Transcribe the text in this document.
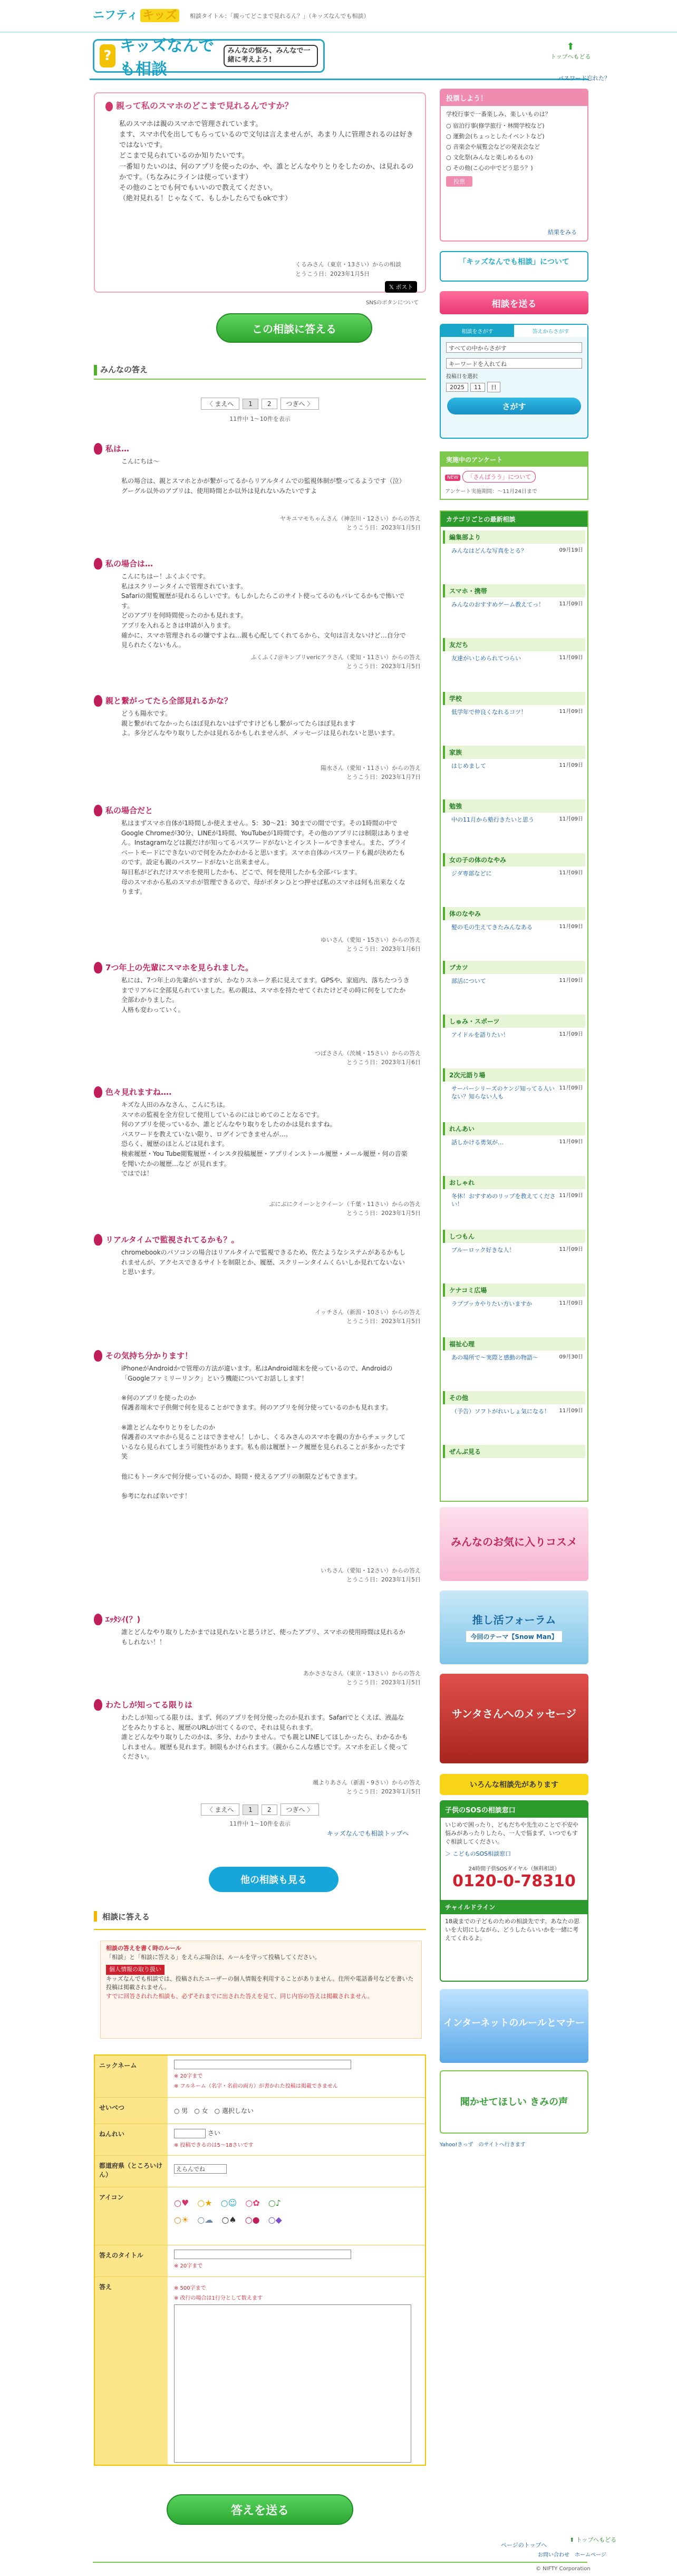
ニフティ キッズ	相談タイトル：「親ってどこまで見れるん？」（キッズなんでも相談）
?
キッズなんでも相談
みんなの悩み、みんなで一緒に考えよう!
⬆
トップへもどる
パスワード忘れた？
親って私のスマホのどこまで見れるんですか？

私のスマホは親のスマホで管理されています。

ます、スマホ代を出してもらっているので文句は言えませんが、あまり人に管理されるのは好きではないです。

どこまで見られているのか知りたいです。

一番知りたいのは、何のアプリを使ったのか、や、誰とどんなやりとりをしたのか、は見れるのかです。（ちなみにラインは使っています）

その他のことでも何でもいいので教えてください。

（絶対見れる！じゃなくて、もしかしたらでもokです）

くるみさん（東京・13さい）からの相談
とうこう日：2023年1月5日
𝕏 ポスト
SNSのボタンについて
この相談に答える
みんなの答え
〈 まえへ 1 2 つぎへ 〉
11件中 1～10件を表示
私は…
こんにちは〜

私の場合は、親とスマホとかが繋がってるからリアルタイムでの監視体制が整ってるようです（泣）
グーグル以外のアプリは、使用時間とか以外は見れないみたいですよ
ヤキユマモちゃんさん（神奈川・12さい）からの答え
とうこう日：2023年1月5日
私の場合は…
こんにちはー！ふくふくです。
私はスクリーンタイムで管理されています。
Safariの閲覧履歴が見れるらしいです。もしかしたらこのサイト使ってるのもバレてるかもで怖いです。
どのアプリを何時間使ったのかも見れます。
アプリを入れるときは申請が入ります。
確かに、スマホ管理されるの嫌ですよね…親も心配してくれてるから、文句は言えないけど…自分で見られたくないもん。
ふくふく♪＠キンプリvericアラさん（愛知・11さい）からの答え
とうこう日：2023年1月5日
親と繋がってたら全部見れるかな？
どうも陽水です。
親と繋がれてなかったらほぼ見れないはずですけどもし繋がってたらほぼ見れます
よ。多分どんなやり取りしたかは見れるかもしれませんが、メッセージは見られないと思います。
陽水さん（愛知・11さい）からの答え
とうこう日：2023年1月7日
私の場合だと
私はまずスマホ自体が1時間しか使えません。5：30〜21：30までの間でです。その1時間の中でGoogle Chromeが30分、LINEが1時間、YouTubeが1時間です。その他のアプリには制限はありません。Instagramなどは親だけが知ってるパスワードがないとインストールできません。また、プライベートモードにできないので何をみたかわかると思います。スマホ自体のパスワードも親が決めたものです。設定も親のパスワードがないと出来ません。
毎日私がどれだけスマホを使用したかも、どこで、何を使用したかも全部バレます。
母のスマホから私のスマホが管理できるので、母がボタンひとつ押せば私のスマホは何も出来なくなります。
ゆいさん（愛知・15さい）からの答え
とうこう日：2023年1月6日
7つ年上の先輩にスマホを見られました。
私には、7つ年上の先輩がいますが、かなりスネーク系に見えてます。GPSや、家庭内、落ちたつうきまでリアルに全部見られていました。私の親は、スマホを持たせてくれたけどその時に何をしてたか全部わかりました。
人格も変わっていく。
つばささん（茨城・15さい）からの答え
とうこう日：2023年1月6日
色々見れますね….
キズな人田のみなさん、こんにちは。
スマホの監視を全方位して使用しているのにはじめてのことなるです。
何のアプリを使っているか、誰とどんなやり取りをしたのかは見れますね。
パスワードを教えていない限り、ログインできませんが…。
恐らく、履歴のほとんどは見れます。
検索履歴・You Tube閲覧履歴・インスタ投稿履歴・アプリインストール履歴・メール履歴・何の音楽を聞いたかの履歴…など が見れます。
ではでは！
ぶにぶにクイーンとクイーン（千葉・11さい）からの答え
とうこう日：2023年1月5日
リアルタイムで監視されてるかも？。
chromebookのパソコンの場合はリアルタイムで監視できるため、佐たようなシステムがあるかもしれませんが、アクセスできるサイトを制限とか、履歴、スクリーンタイムくらいしか見れてないないと思います。
イッチさん（新潟・10さい）からの答え
とうこう日：2023年1月5日
その気持ち分かります！
iPhoneがAndroidかで管理の方法が違います。私はAndroid端末を使っているので、Androidの「Googleファミリーリンク」という機能についてお話しします！

※何のアプリを使ったのか
保護者端末で子供側で何を見ることができます。何のアプリを何分使っているのかも見れます。

※誰とどんなやりとりをしたのか
保護者のスマホから見ることはできません！しかし、くるみさんのスマホを親の方からチェックしているなら見られてしまう可能性があります。私も前は履歴トーク履歴を見られることが多かったです笑

他にもトータルで何分使っているのか、時間・使えるアプリの制限などもできます。

参考になれば幸いです！
いちさん（愛知・12さい）からの答え
とうこう日：2023年1月5日
ｴｯﾀｼｲ(？)
誰とどんなやり取りしたかまでは見れないと思うけど、使ったアプリ、スマホの使用時間は見れるかもしれない！！
あかささなさん（東京・13さい）からの答え
とうこう日：2023年1月5日
わたしが知ってる限りは
わたしが知ってる限りは、まず、何のアプリを何分使ったのか見れます。Safariでとくえば、液晶などをみたりすると、履歴のURLが出てくるので、それは見られます。
誰とどんなやり取りしたのかは、多分、わかりません。でも親とLINEしてほしかったら、わかるかもしれません。履歴も見れます。制限もかけられます。（親からこんな感じです。スマホを正しく使ってください。
颯よりあさん（新潟・9さい）からの答え
とうこう日：2023年1月5日
〈 まえへ 1 2 つぎへ 〉
11件中 1～10件を表示
キッズなんでも相談トップへ
他の相談も見る
相談に答える
相談の答えを書く時のルール
「相談」と「相談に答える」をえらぶ場合は、ルールを守って投稿してください。
個人情報の取り扱い
キッズなんでも相談では、投稿されたユーザーの個人情報を利用することがありません。住所や電話番号などを書いた投稿は掲載されません。
すでに回答されれた相談も、必ずそれまでに出された答えを見て、同じ内容の答えは掲載されません。
ニックネーム
※ 20字まで
※ フルネーム（名字・名前の両方）が書かれた投稿は掲載できません
せいべつ	○ 男　 ○ 女　 ○ 選択しない
ねんれい	さい
※ 投稿できるのは5〜18さいです
都道府県（ところいけん）
えらんでね
アイコン
○♥　 ○★　 ○☺　 ○✿　 ○♪
○☀　 ○☁　 ○♠　 ○●　 ○◆
答えのタイトル
※ 20字まで
答え	※ 500字まで
※ 改行の場合は1行分として数えます
答えを送る
ページのトップへ
⬆ トップへもどる
お問い合わせ　ホームページ
© NIFTY Corporation
投票しよう！
学校行事で一番楽しみ、楽しいものは？
○ 宿泊行事(修学旅行・林間学校など)
○ 運動会(ちょっとしたイベントなど)
○ 音楽会や展覧会などの発表会など
○ 文化祭(みんなと楽しめるもの)
○ その他(こ心の中でどう思う？)
投票
結果をみる
「キッズなんでも相談」について
相談を送る
相談をさがす	答えからさがす
すべての中からさがす
キーワードを入れてね
投稿日を選択
2025 11 日
さがす
実施中のアンケート
NEW 「さんばうう」について
アンケート実施期間：〜11月24日まで
カテゴリごとの最新相談
編集部より
みんなはどんな写真をとる？	09月19日
スマホ・携帯
みんなのおすすめゲーム教えてっ！	11月09日
友だち
友達がいじめられてつらい	11月09日
学校
低学年で仲良くなれるコツ！	11月09日
家族
はじめまして	11月09日
勉強
中の11月から塾行きたいと思う	11月09日
女の子の体のなやみ
ジダ専部などに	11月09日
体のなやみ
髪の毛の生えてきたみんなある	11月09日
ブカツ
部活について	11月09日
しゅみ・スポーツ
アイドルを語りたい！	11月09日
2次元語り場
サーバーシリーズのケンジ知ってる人いない？知らない人も
11月09日
れんあい
話しかける勇気が…	11月09日
おしゃれ
冬休！おすすめのリップを教えてください！
11月09日
しつもん
ブルーロック好きな人！	11月09日
ケナコミ広場
ラプブッカやりたい方いますか	11月09日
福祉心理
あの場所で〜実際と感動の物語〜	09月30日
その他
（予告）ソフトがれいしょ気になる！ 11月09日
ぜんぶ見る
みんなのお気に入りコスメ
推し活フォーラム
今回のテーマ【Snow Man】
サンタさんへのメッセージ
いろんな相談先があります
子供のSOSの相談窓口
いじめで困ったり、どもだちや先生のことで不安や悩みがあったりしたら、一人で悩まず、いつでもすぐ相談してください。
＞ こどものSOS相談窓口
24時間子供SOSダイヤル（無料相談）
0120-0-78310
チャイルドライン
18歳までの子どものための相談先です。あなたの思いを大切にしながら、どうしたらいいかを一緒に考えてくれるよ。
インターネットのルールとマナー
聞かせてほしい きみの声
Yahoo!きっず　のサイトへ行きます
